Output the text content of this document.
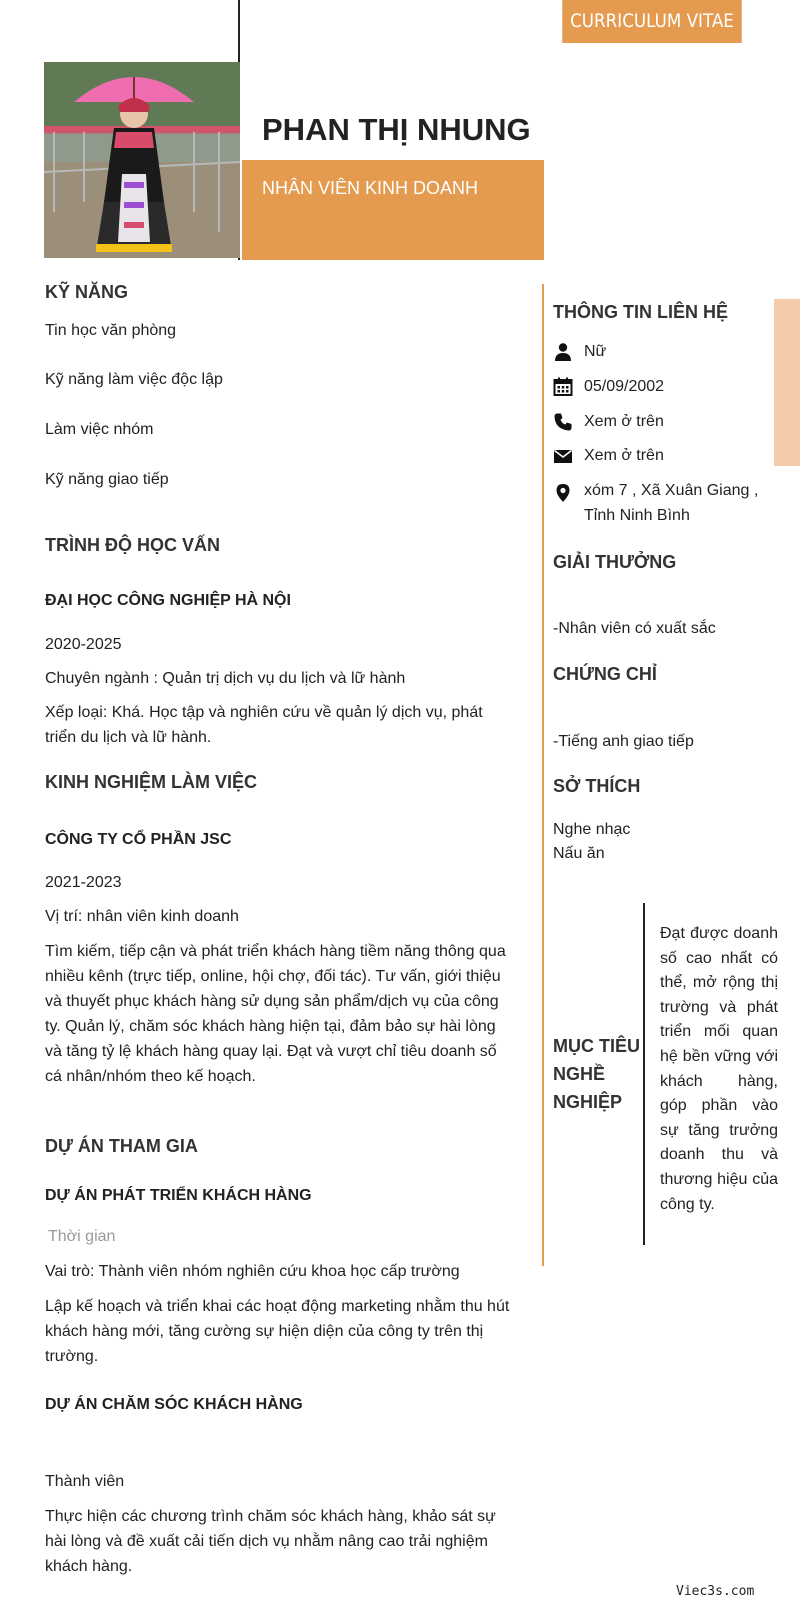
CURRICULUM VITAE
PHAN THỊ NHUNG
NHÂN VIÊN KINH DOANH
KỸ NĂNG
Tin học văn phòng
Kỹ năng làm việc độc lập
Làm việc nhóm
Kỹ năng giao tiếp
TRÌNH ĐỘ HỌC VẤN
ĐẠI HỌC CÔNG NGHIỆP HÀ NỘI
2020-2025
Chuyên ngành : Quản trị dịch vụ du lịch và lữ hành
Xếp loại: Khá. Học tập và nghiên cứu về quản lý dịch vụ, phát triển du lịch và lữ hành.
KINH NGHIỆM LÀM VIỆC
CÔNG TY CỔ PHẦN JSC
2021-2023
Vị trí: nhân viên kinh doanh
Tìm kiếm, tiếp cận và phát triển khách hàng tiềm năng thông qua nhiều kênh (trực tiếp, online, hội chợ, đối tác). Tư vấn, giới thiệu và thuyết phục khách hàng sử dụng sản phẩm/dịch vụ của công ty. Quản lý, chăm sóc khách hàng hiện tại, đảm bảo sự hài lòng và tăng tỷ lệ khách hàng quay lại. Đạt và vượt chỉ tiêu doanh số cá nhân/nhóm theo kế hoạch.
DỰ ÁN THAM GIA
DỰ ÁN PHÁT TRIỂN KHÁCH HÀNG
Thời gian
Vai trò: Thành viên nhóm nghiên cứu khoa học cấp trường
Lập kế hoạch và triển khai các hoạt động marketing nhằm thu hút khách hàng mới, tăng cường sự hiện diện của công ty trên thị trường.
DỰ ÁN CHĂM SÓC KHÁCH HÀNG
Thành viên
Thực hiện các chương trình chăm sóc khách hàng, khảo sát sự hài lòng và đề xuất cải tiến dịch vụ nhằm nâng cao trải nghiệm khách hàng.
THÔNG TIN LIÊN HỆ
Nữ
05/09/2002
Xem ở trên
Xem ở trên
xóm 7 , Xã Xuân Giang , Tỉnh Ninh Bình
GIẢI THƯỞNG
-Nhân viên có xuất sắc
CHỨNG CHỈ
-Tiếng anh giao tiếp
SỞ THÍCH
Nghe nhạc
Nấu ăn
MỤC TIÊU
NGHỀ
NGHIỆP
Đạt được doanh số cao nhất có thể, mở rộng thị trường và phát triển mối quan hệ bền vững với khách hàng, góp phần vào sự tăng trưởng doanh thu và thương hiệu của công ty.
Viec3s.com
